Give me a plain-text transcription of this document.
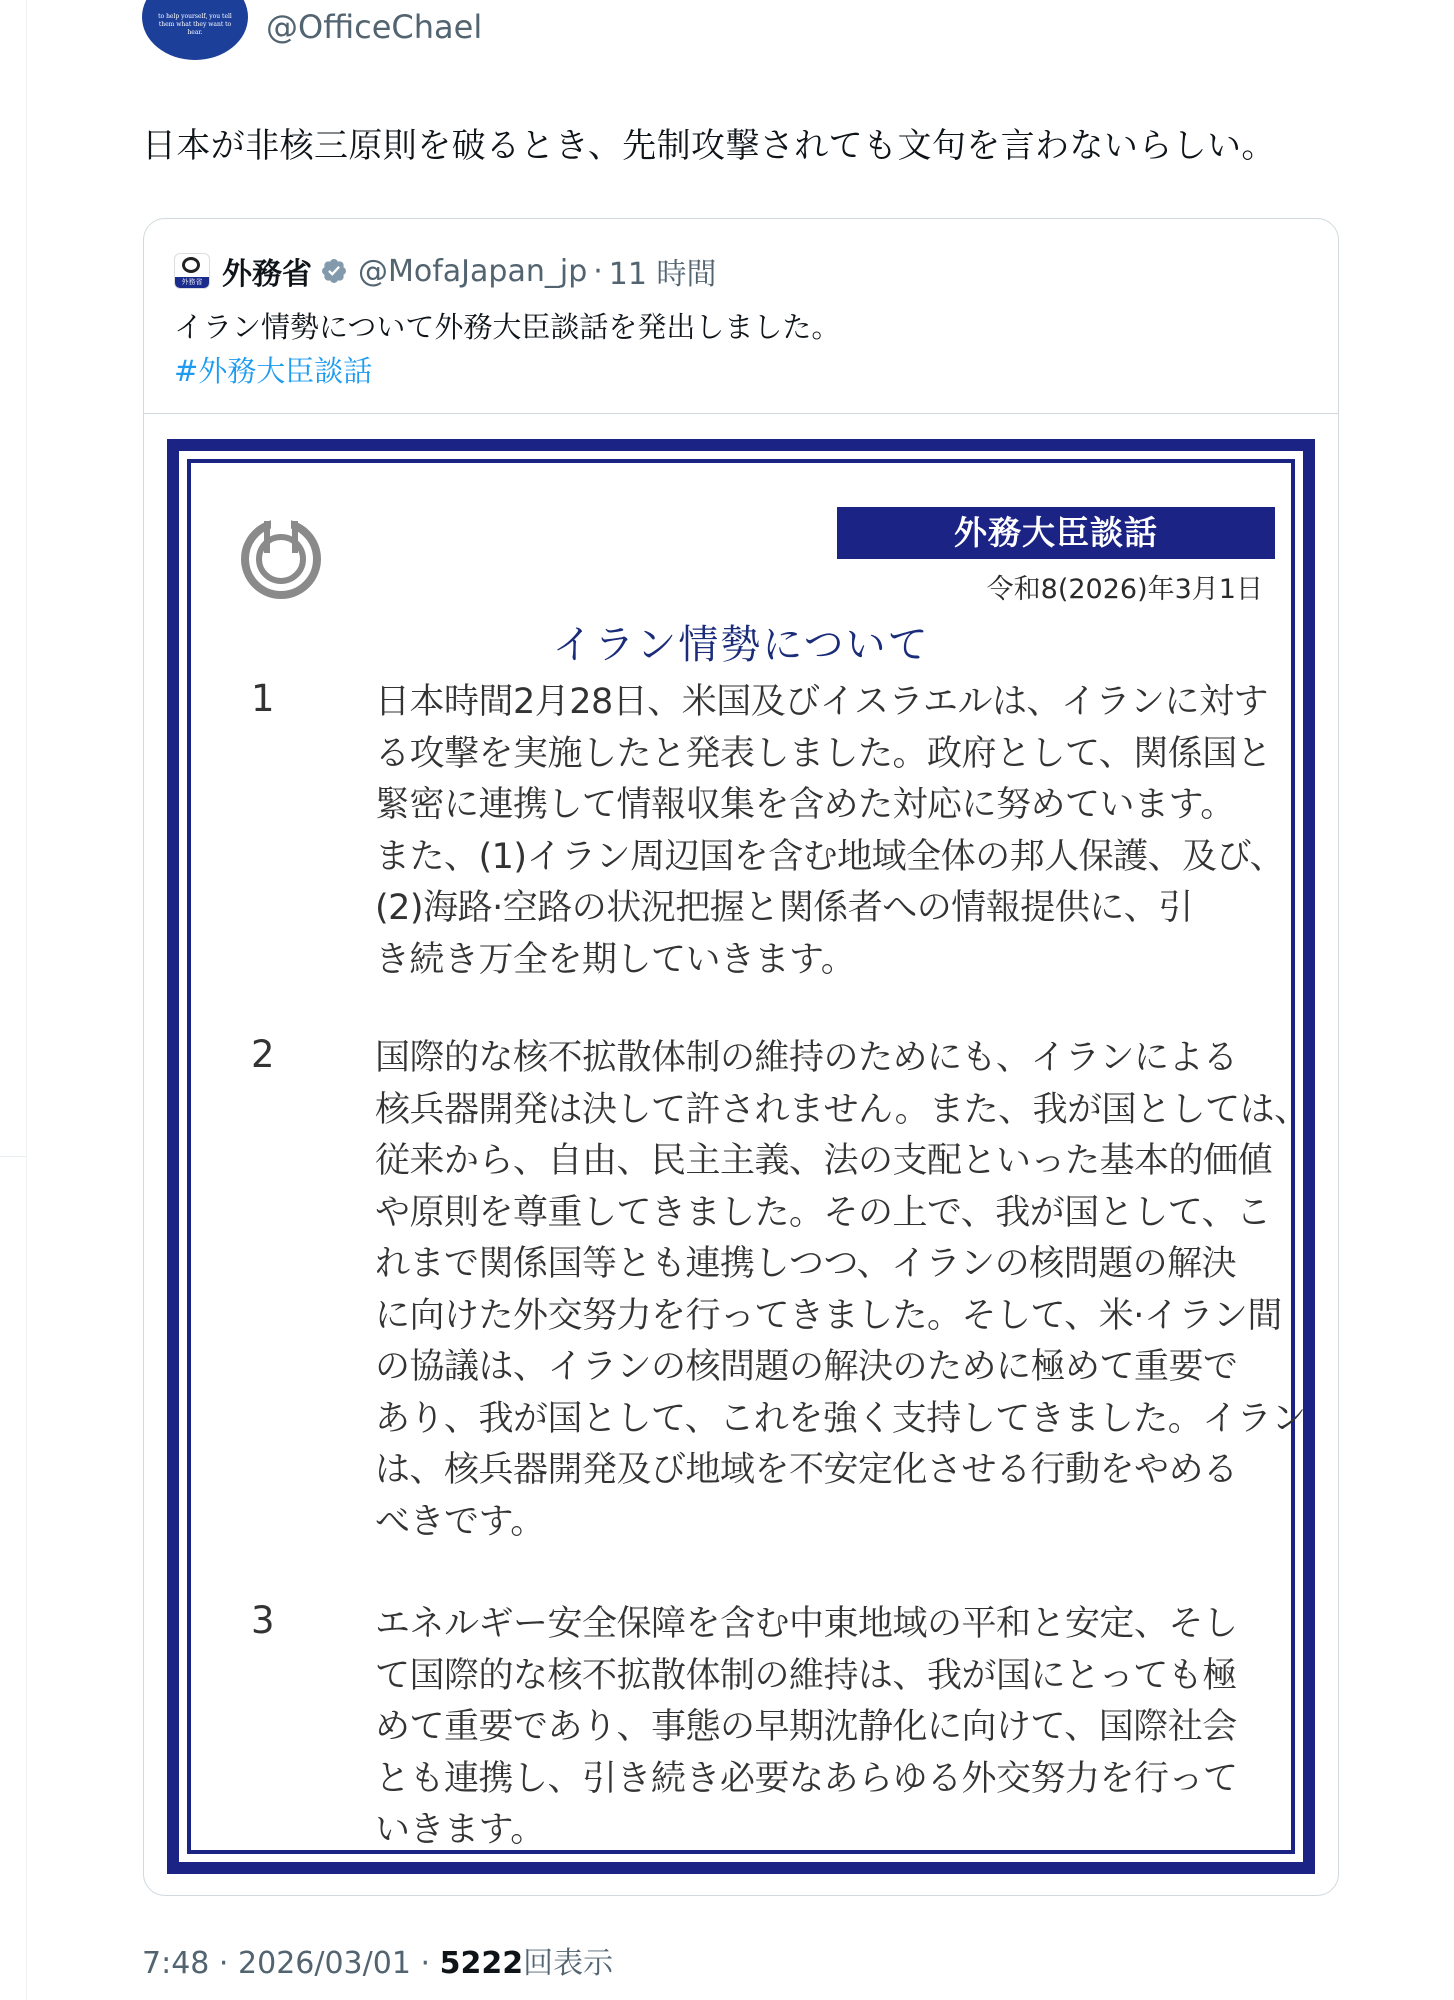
to help yourself, you tell them what they want to hear.	@OfficeChael
日本が非核三原則を破るとき、先制攻撃されても文句を言わないらしい。
外務省 外務省 @MofaJapan_jp · 11 時間
イラン情勢について外務大臣談話を発出しました。
#外務大臣談話
外務大臣談話
令和8(2026)年3月1日
イラン情勢について
1	日本時間2月28日、米国及びイスラエルは、イランに対す
る攻撃を実施したと発表しました。政府として、関係国と
緊密に連携して情報収集を含めた対応に努めています。
また、(1)イラン周辺国を含む地域全体の邦人保護、及び、
(2)海路·空路の状況把握と関係者への情報提供に、引
き続き万全を期していきます。
2	国際的な核不拡散体制の維持のためにも、イランによる
核兵器開発は決して許されません。また、我が国としては、
従来から、自由、民主主義、法の支配といった基本的価値
や原則を尊重してきました。その上で、我が国として、こ
れまで関係国等とも連携しつつ、イランの核問題の解決
に向けた外交努力を行ってきました。そして、米·イラン間
の協議は、イランの核問題の解決のために極めて重要で
あり、我が国として、これを強く支持してきました。イラン
は、核兵器開発及び地域を不安定化させる行動をやめる
べきです。
3	エネルギー安全保障を含む中東地域の平和と安定、そし
て国際的な核不拡散体制の維持は、我が国にとっても極
めて重要であり、事態の早期沈静化に向けて、国際社会
とも連携し、引き続き必要なあらゆる外交努力を行って
いきます。
7:48 · 2026/03/01 · 5222回表示
